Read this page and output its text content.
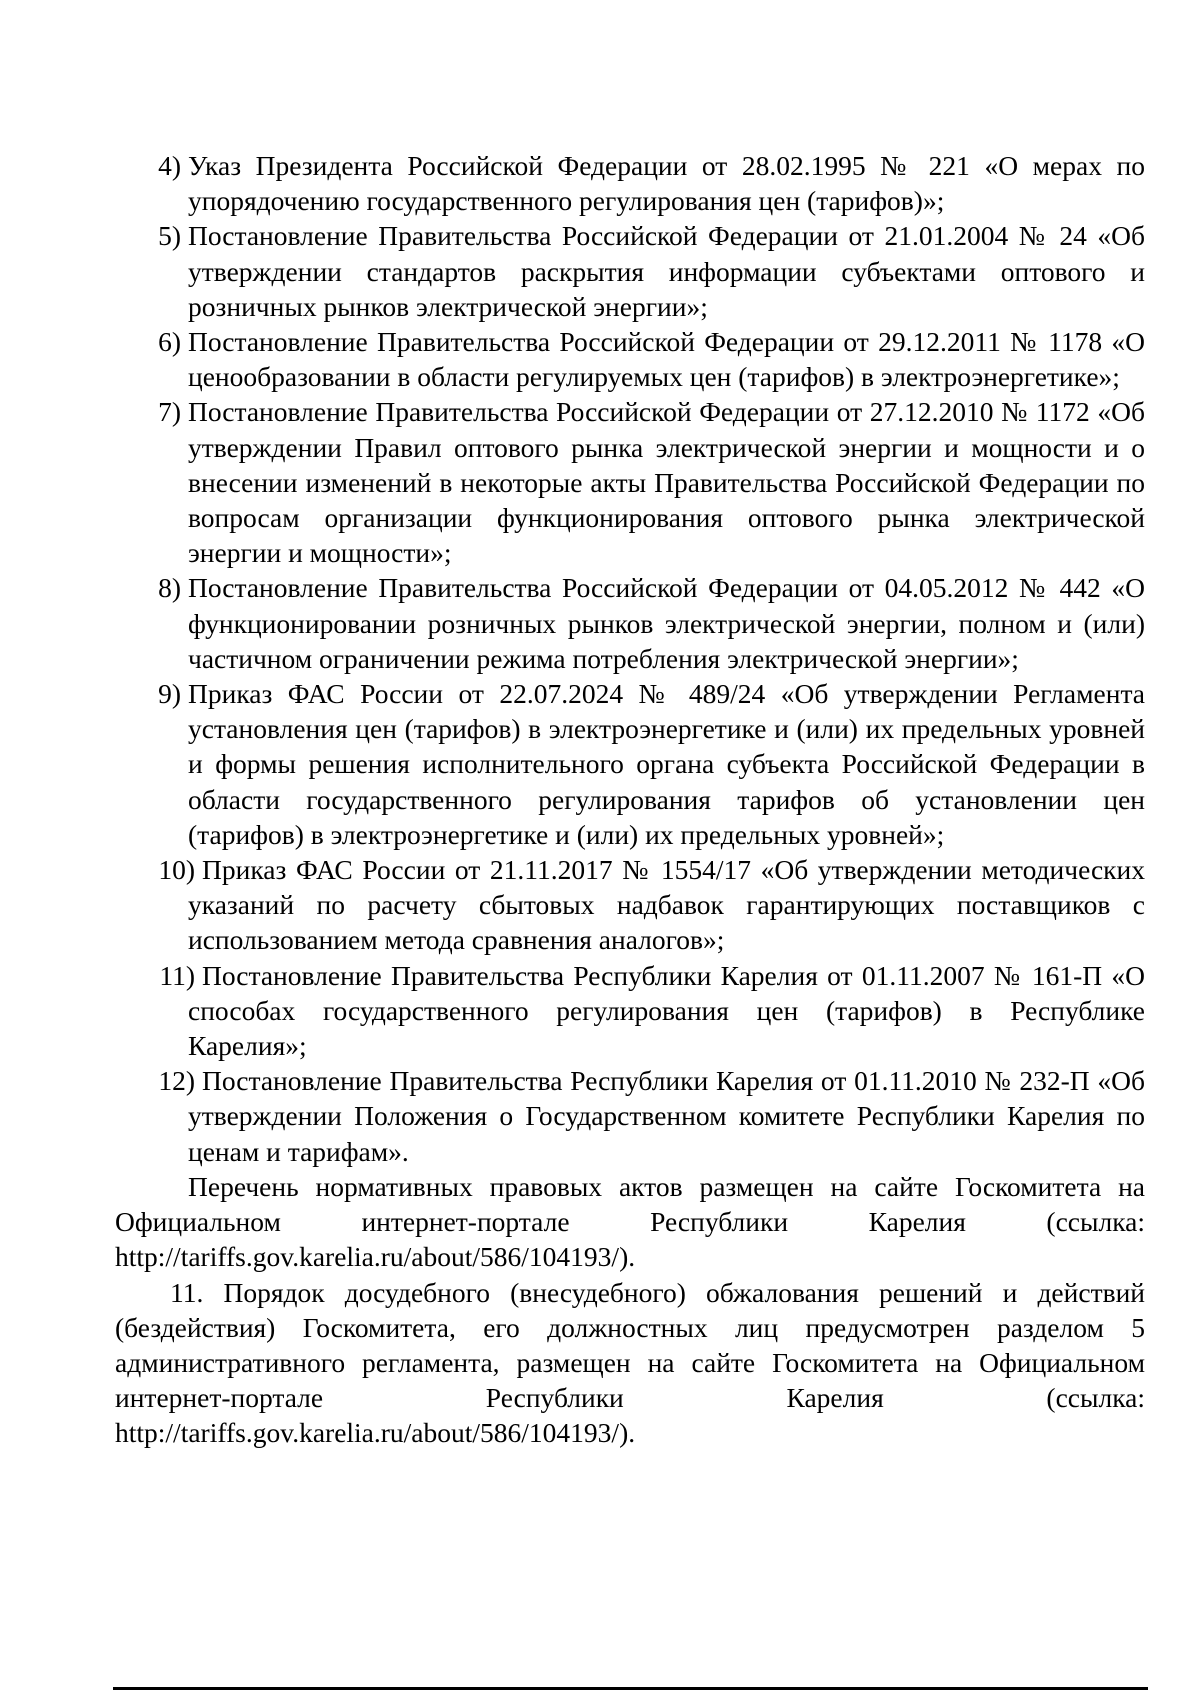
4) Указ Президента Российской Федерации от 28.02.1995 № 221 «О мерах по упорядочению государственного регулирования цен (тарифов)»;
5) Постановление Правительства Российской Федерации от 21.01.2004 № 24 «Об утверждении стандартов раскрытия информации субъектами оптового и розничных рынков электрической энергии»;
6) Постановление Правительства Российской Федерации от 29.12.2011 № 1178 «О ценообразовании в области регулируемых цен (тарифов) в электроэнергетике»;
7) Постановление Правительства Российской Федерации от 27.12.2010 № 1172 «Об утверждении Правил оптового рынка электрической энергии и мощности и о внесении изменений в некоторые акты Правительства Российской Федерации по вопросам организации функционирования оптового рынка электрической энергии и мощности»;
8) Постановление Правительства Российской Федерации от 04.05.2012 № 442 «О функционировании розничных рынков электрической энергии, полном и (или) частичном ограничении режима потребления электрической энергии»;
9) Приказ ФАС России от 22.07.2024 № 489/24 «Об утверждении Регламента установления цен (тарифов) в электроэнергетике и (или) их предельных уровней и формы решения исполнительного органа субъекта Российской Федерации в области государственного регулирования тарифов об установлении цен (тарифов) в электроэнергетике и (или) их предельных уровней»;
10) Приказ ФАС России от 21.11.2017 № 1554/17 «Об утверждении методических указаний по расчету сбытовых надбавок гарантирующих поставщиков с использованием метода сравнения аналогов»;
11) Постановление Правительства Республики Карелия от 01.11.2007 № 161-П «О способах государственного регулирования цен (тарифов) в Республике Карелия»;
12) Постановление Правительства Республики Карелия от 01.11.2010 № 232-П «Об утверждении Положения о Государственном комитете Республики Карелия по ценам и тарифам».

Перечень нормативных правовых актов размещен на сайте Госкомитета на Официальном интернет-портале Республики Карелия (ссылка: http://tariffs.gov.karelia.ru/about/586/104193/).

11. Порядок досудебного (внесудебного) обжалования решений и действий (бездействия) Госкомитета, его должностных лиц предусмотрен разделом 5 административного регламента, размещен на сайте Госкомитета на Официальном интернет-портале Республики Карелия (ссылка: http://tariffs.gov.karelia.ru/about/586/104193/).
